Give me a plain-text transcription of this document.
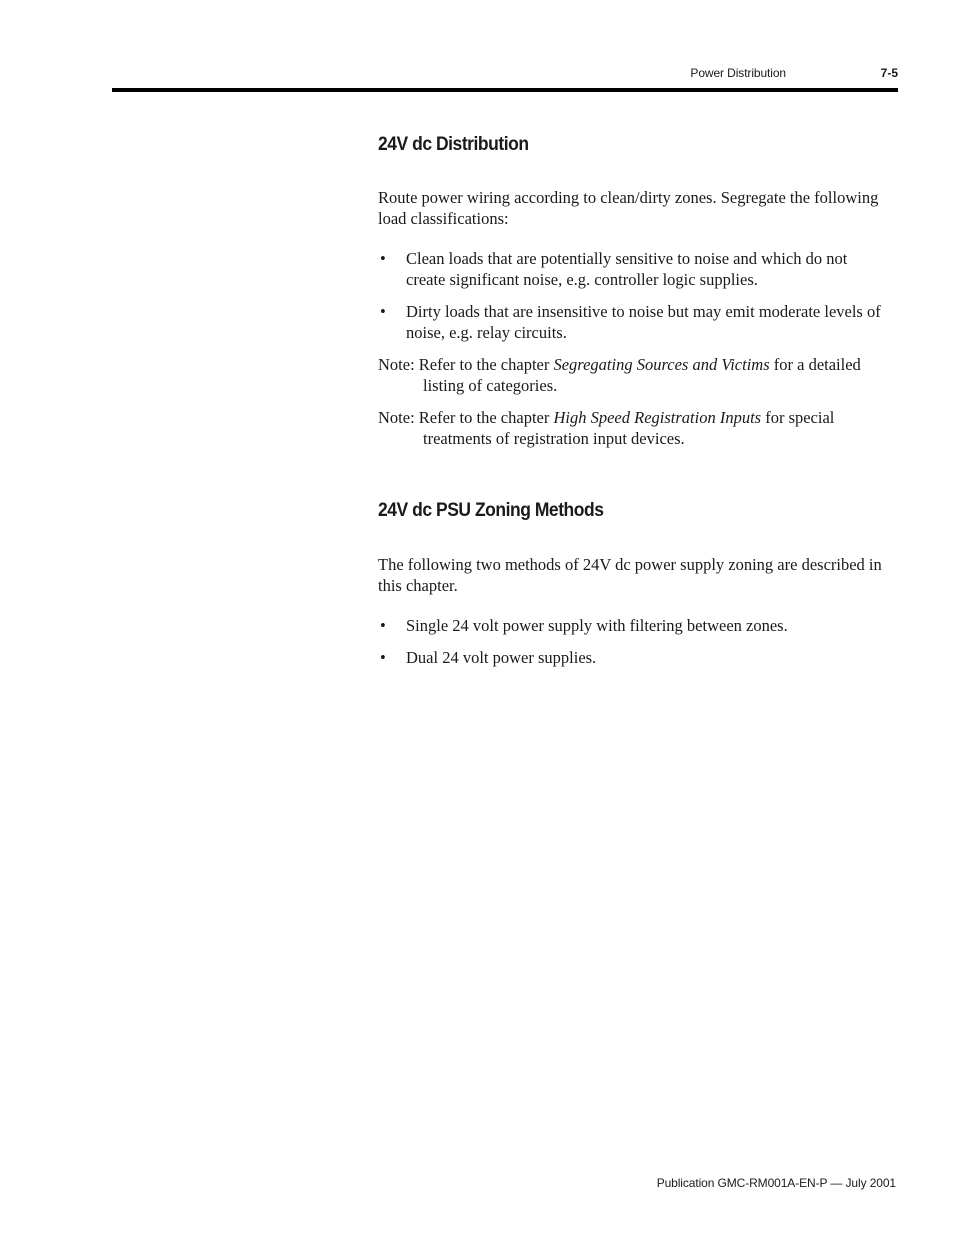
Power Distribution	7-5
24V dc Distribution

Route power wiring according to clean/dirty zones. Segregate the following load classifications:

• Clean loads that are potentially sensitive to noise and which do not create significant noise, e.g. controller logic supplies.
• Dirty loads that are insensitive to noise but may emit moderate levels of noise, e.g. relay circuits.
Note: Refer to the chapter Segregating Sources and Victims for a detailed listing of categories.
Note: Refer to the chapter High Speed Registration Inputs for special treatments of registration input devices.
24V dc PSU Zoning Methods

The following two methods of 24V dc power supply zoning are described in this chapter.

• Single 24 volt power supply with filtering between zones.
• Dual 24 volt power supplies.
Publication GMC-RM001A-EN-P — July 2001
